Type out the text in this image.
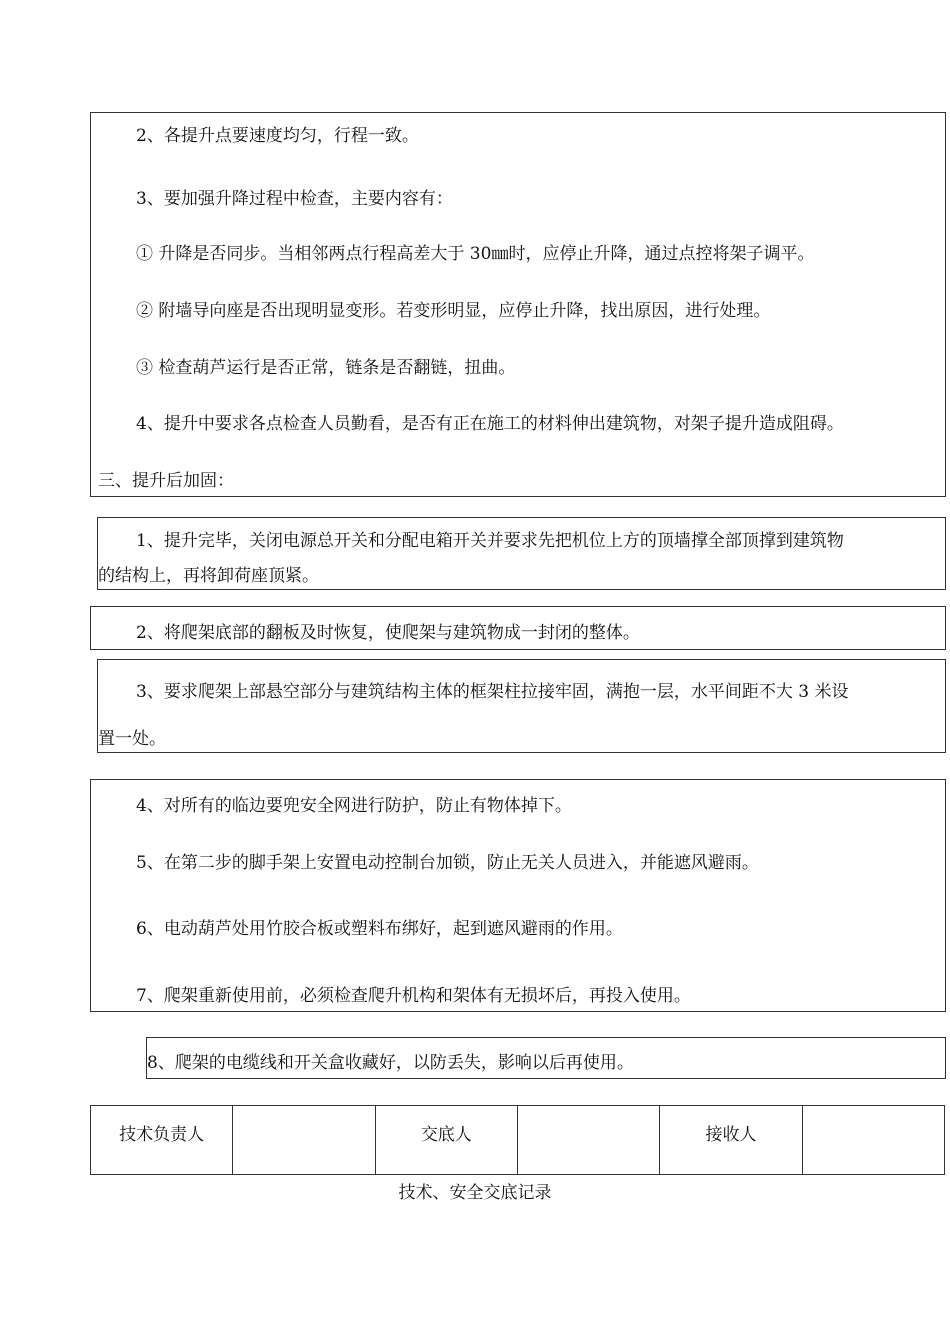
2、各提升点要速度均匀，行程一致。
3、要加强升降过程中检查，主要内容有：
① 升降是否同步。当相邻两点行程高差大于 30㎜时，应停止升降，通过点控将架子调平。
② 附墙导向座是否出现明显变形。若变形明显，应停止升降，找出原因，进行处理。
③ 检查葫芦运行是否正常，链条是否翻链，扭曲。
4、提升中要求各点检查人员勤看，是否有正在施工的材料伸出建筑物，对架子提升造成阻碍。
三、提升后加固：
1、提升完毕，关闭电源总开关和分配电箱开关并要求先把机位上方的顶墙撑全部顶撑到建筑物
的结构上，再将卸荷座顶紧。
2、将爬架底部的翻板及时恢复，使爬架与建筑物成一封闭的整体。
3、要求爬架上部悬空部分与建筑结构主体的框架柱拉接牢固，满抱一层，水平间距不大 3 米设
置一处。
4、对所有的临边要兜安全网进行防护，防止有物体掉下。
5、在第二步的脚手架上安置电动控制台加锁，防止无关人员进入，并能遮风避雨。
6、电动葫芦处用竹胶合板或塑料布绑好，起到遮风避雨的作用。
7、爬架重新使用前，必须检查爬升机构和架体有无损坏后，再投入使用。
8、爬架的电缆线和开关盒收藏好，以防丢失，影响以后再使用。
技术负责人		交底人		接收人	
技术、安全交底记录
